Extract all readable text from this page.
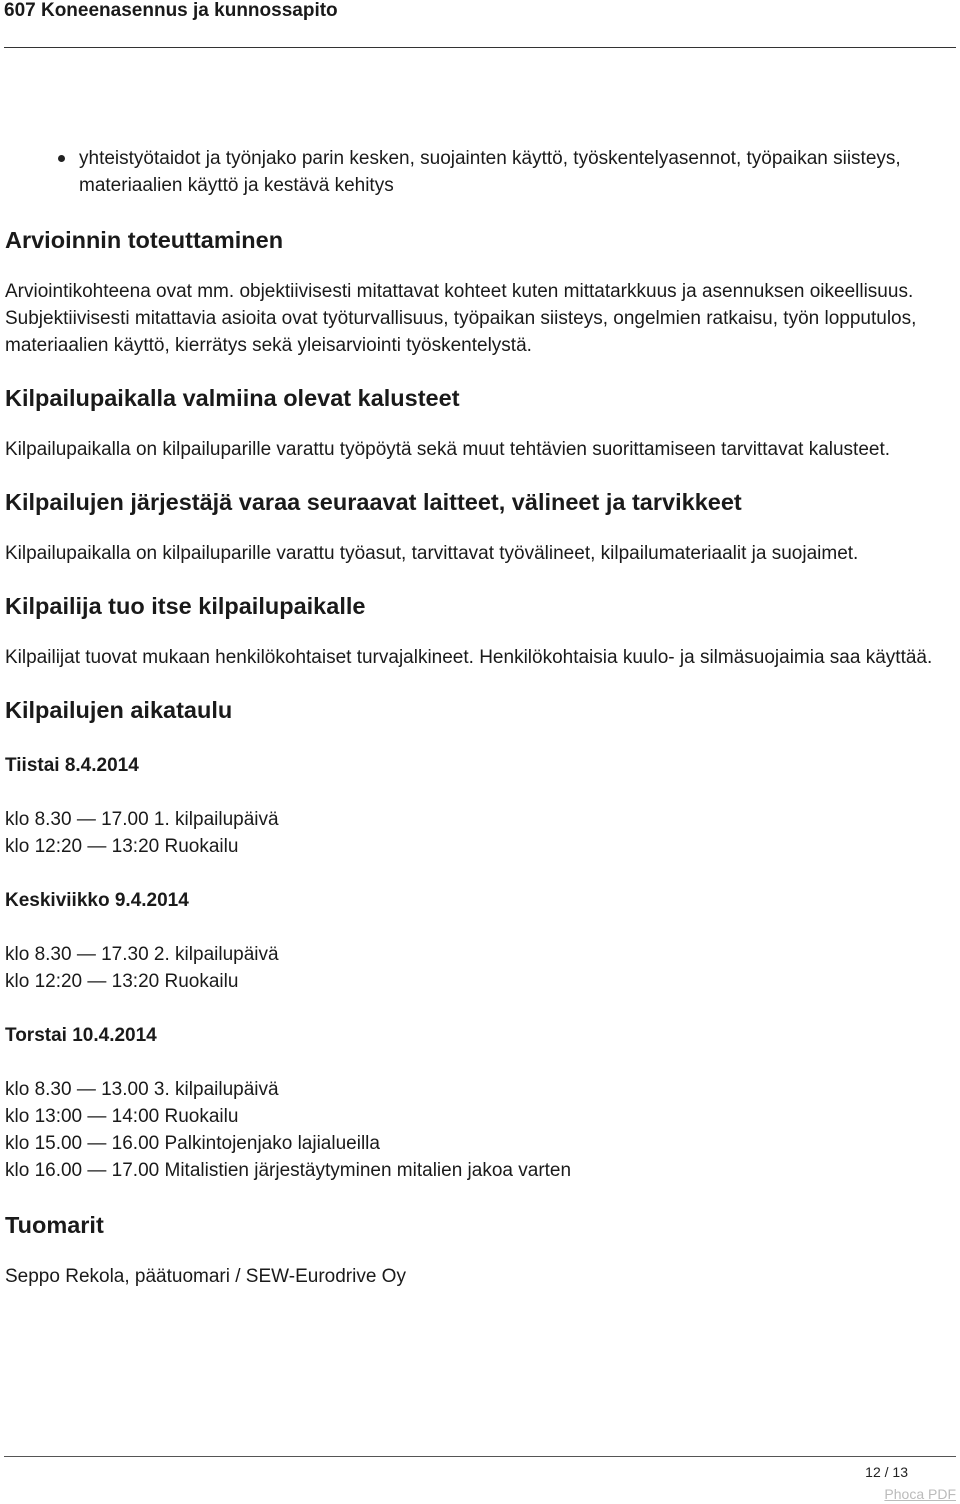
607 Koneenasennus ja kunnossapito
yhteistyötaidot ja työnjako parin kesken, suojainten käyttö, työskentelyasennot, työpaikan siisteys, materiaalien käyttö ja kestävä kehitys
Arvioinnin toteuttaminen

Arviointikohteena ovat mm. objektiivisesti mitattavat kohteet kuten mittatarkkuus ja asennuksen oikeellisuus. Subjektiivisesti mitattavia asioita ovat työturvallisuus, työpaikan siisteys, ongelmien ratkaisu, työn lopputulos, materiaalien käyttö, kierrätys sekä yleisarviointi työskentelystä.

Kilpailupaikalla valmiina olevat kalusteet

Kilpailupaikalla on kilpailuparille varattu työpöytä sekä muut tehtävien suorittamiseen tarvittavat kalusteet.

Kilpailujen järjestäjä varaa seuraavat laitteet, välineet ja tarvikkeet

Kilpailupaikalla on kilpailuparille varattu työasut, tarvittavat työvälineet, kilpailumateriaalit ja suojaimet.

Kilpailija tuo itse kilpailupaikalle

Kilpailijat tuovat mukaan henkilökohtaiset turvajalkineet. Henkilökohtaisia kuulo- ja silmäsuojaimia saa käyttää.

Kilpailujen aikataulu
Tiistai 8.4.2014

klo 8.30 — 17.00 1. kilpailupäivä

klo 12:20 — 13:20 Ruokailu

Keskiviikko 9.4.2014

klo 8.30 — 17.30 2. kilpailupäivä

klo 12:20 — 13:20 Ruokailu

Torstai 10.4.2014

klo 8.30 — 13.00 3. kilpailupäivä

klo 13:00 — 14:00 Ruokailu

klo 15.00 — 16.00 Palkintojenjako lajialueilla

klo 16.00 — 17.00 Mitalistien järjestäytyminen mitalien jakoa varten

Tuomarit

Seppo Rekola, päätuomari / SEW-Eurodrive Oy

12 / 13
Phoca PDF
